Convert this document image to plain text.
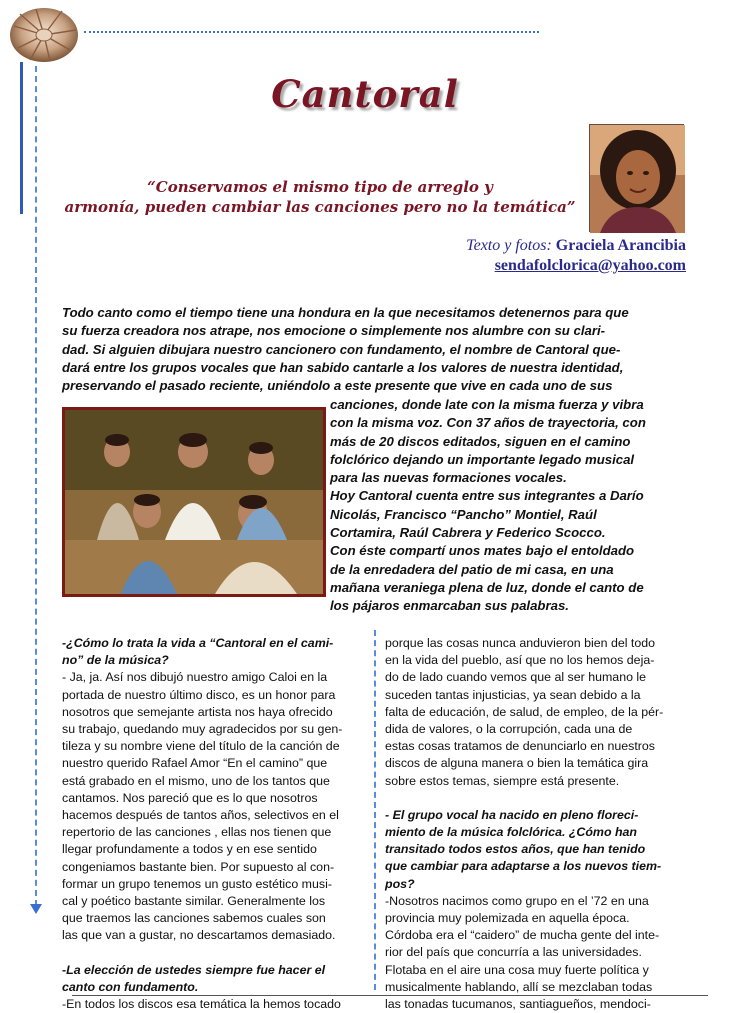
Cantoral
“Conservamos el mismo tipo de arreglo y
armonía, pueden cambiar las canciones pero no la temática”
Texto y fotos: Graciela Arancibia
sendafolclorica@yahoo.com
Todo canto como el tiempo tiene una hondura en la que necesitamos detenernos para que
su fuerza creadora nos atrape, nos emocione o simplemente nos alumbre con su clari-
dad. Si alguien dibujara nuestro cancionero con fundamento, el nombre de Cantoral que-
dará entre los grupos vocales que han sabido cantarle a los valores de nuestra identidad,
preservando el pasado reciente, uniéndolo a este presente que vive en cada uno de sus
canciones, donde late con la misma fuerza y vibra
con la misma voz. Con 37 años de trayectoria, con
más de 20 discos editados, siguen en el camino
folclórico dejando un importante legado musical
para las nuevas formaciones vocales.
Hoy Cantoral cuenta entre sus integrantes a Darío
Nicolás, Francisco “Pancho” Montiel, Raúl
Cortamira, Raúl Cabrera y Federico Scocco.
Con éste compartí unos mates bajo el entoldado
de la enredadera del patio de mi casa, en una
mañana veraniega plena de luz, donde el canto de
los pájaros enmarcaban sus palabras.
-¿Cómo lo trata la vida a “Cantoral en el cami-
no” de la música?
- Ja, ja. Así nos dibujó nuestro amigo Caloi en la
portada de nuestro último disco, es un honor para
nosotros que semejante artista nos haya ofrecido
su trabajo, quedando muy agradecidos por su gen-
tileza y su nombre viene del título de la canción de
nuestro querido Rafael Amor “En el camino” que
está grabado en el mismo, uno de los tantos que
cantamos. Nos pareció que es lo que nosotros
hacemos después de tantos años, selectivos en el
repertorio de las canciones , ellas nos tienen que
llegar profundamente a todos y en ese sentido
congeniamos bastante bien. Por supuesto al con-
formar un grupo tenemos un gusto estético musi-
cal y poético bastante similar. Generalmente los
que traemos las canciones sabemos cuales son
las que van a gustar, no descartamos demasiado.
-La elección de ustedes siempre fue hacer el
canto con fundamento.
-En todos los discos esa temática la hemos tocado
porque las cosas nunca anduvieron bien del todo
en la vida del pueblo, así que no los hemos deja-
do de lado cuando vemos que al ser humano le
suceden tantas injusticias, ya sean debido a la
falta de educación, de salud, de empleo, de la pér-
dida de valores, o la corrupción, cada una de
estas cosas tratamos de denunciarlo en nuestros
discos de alguna manera o bien la temática gira
sobre estos temas, siempre está presente.
- El grupo vocal ha nacido en pleno floreci-
miento de la música folclórica. ¿Cómo han
transitado todos estos años, que han tenido
que cambiar para adaptarse a los nuevos tiem-
pos?
-Nosotros nacimos como grupo en el ’72 en una
provincia muy polemizada en aquella época.
Córdoba era el “caidero” de mucha gente del inte-
rior del país que concurría a las universidades.
Flotaba en el aire una cosa muy fuerte política y
musicalmente hablando, allí se mezclaban todas
las tonadas tucumanos, santiagueños, mendoci-
